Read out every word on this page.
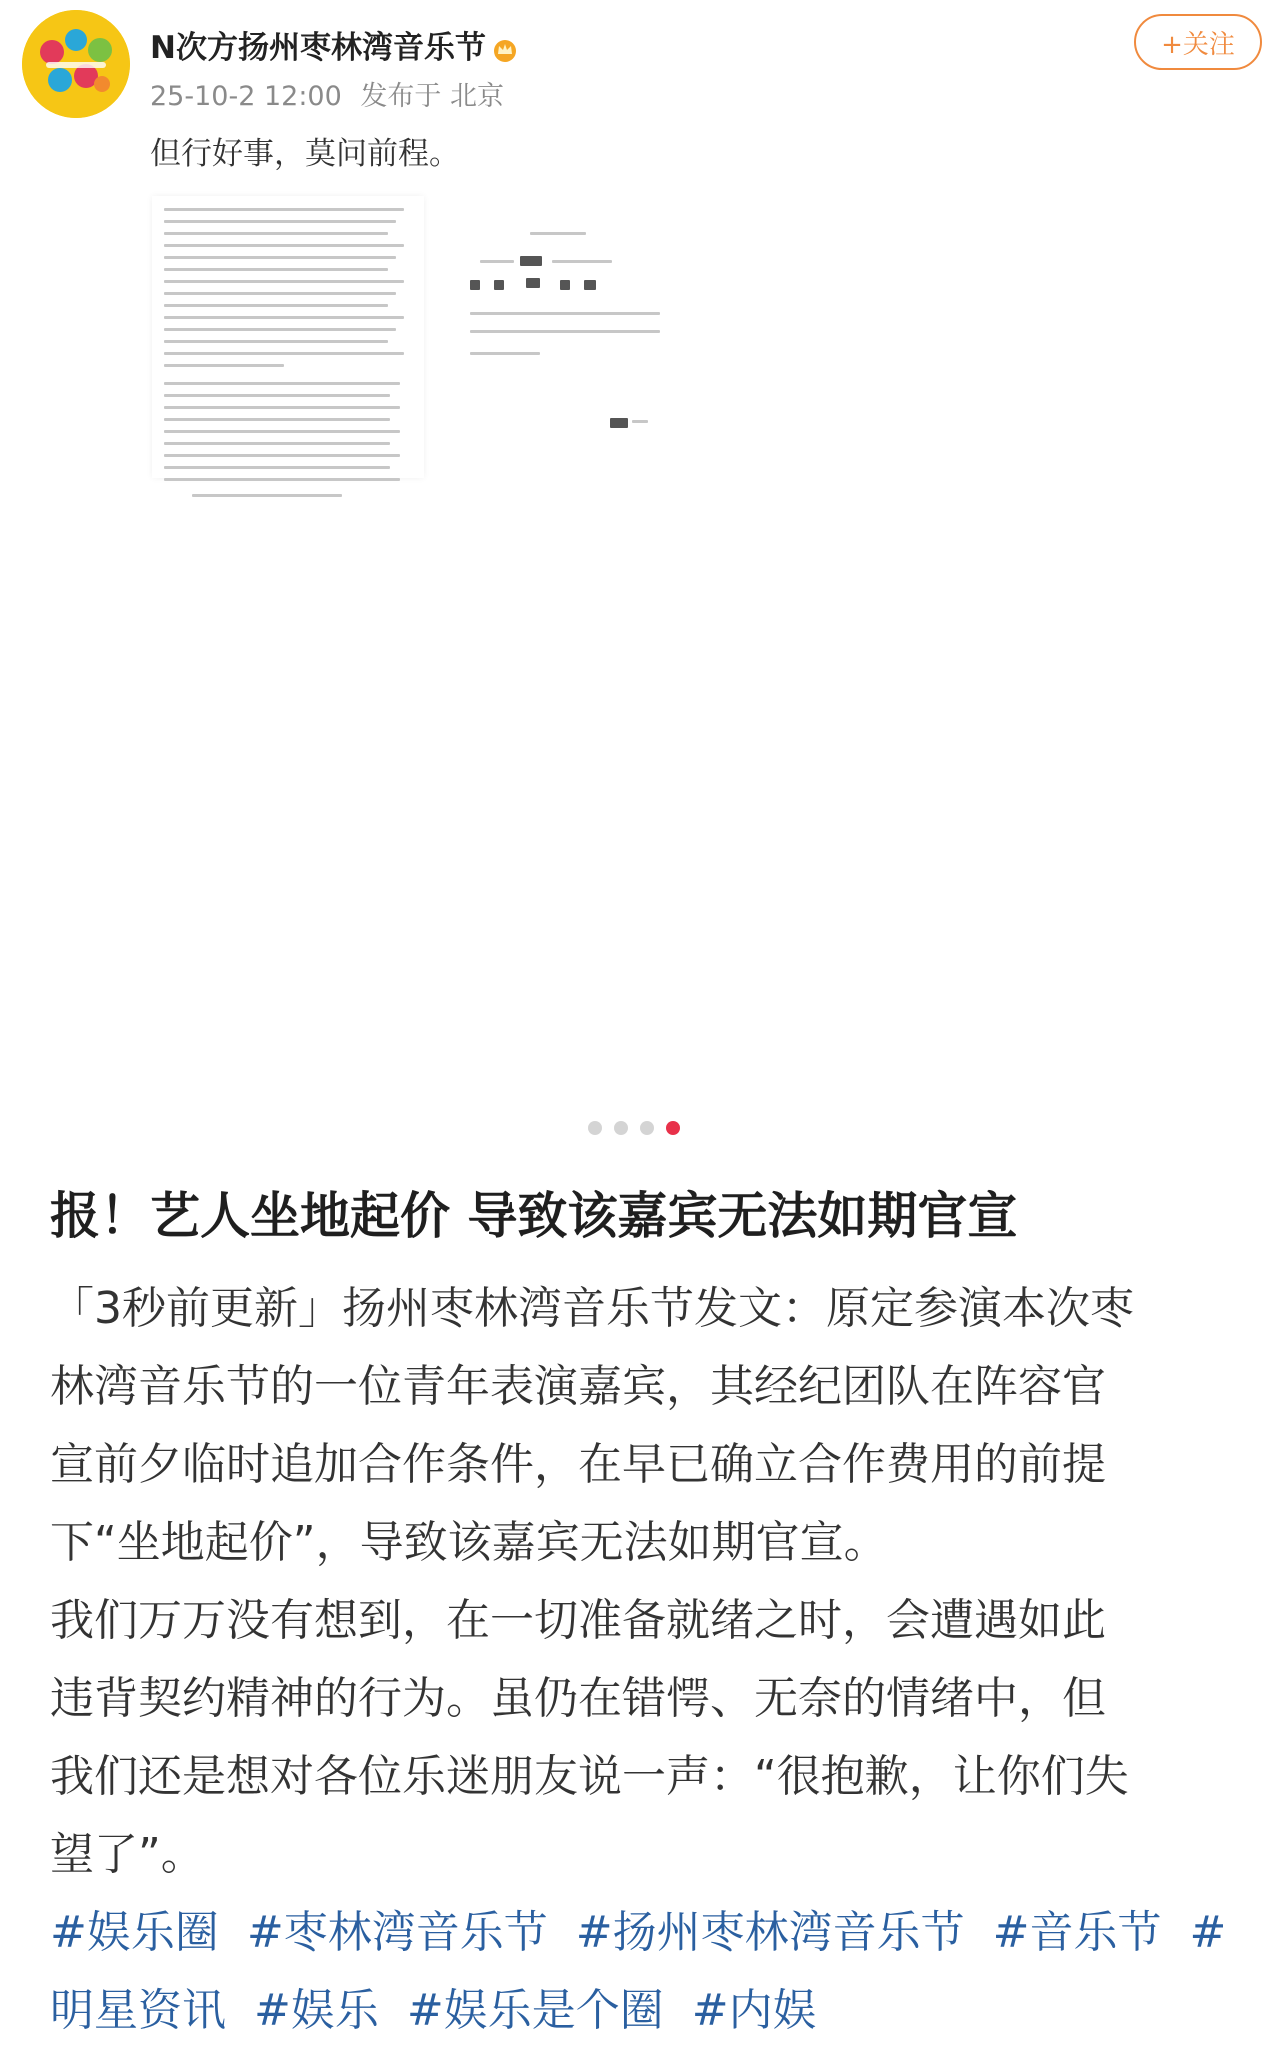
N次方扬州枣林湾音乐节
25-10-2 12:00 发布于 北京
+关注
但行好事，莫问前程。
报！艺人坐地起价 导致该嘉宾无法如期官宣

「3秒前更新」扬州枣林湾音乐节发文：原定参演本次枣

林湾音乐节的一位青年表演嘉宾，其经纪团队在阵容官

宣前夕临时追加合作条件，在早已确立合作费用的前提

下“坐地起价”，导致该嘉宾无法如期官宣。

我们万万没有想到，在一切准备就绪之时，会遭遇如此

违背契约精神的行为。虽仍在错愕、无奈的情绪中，但

我们还是想对各位乐迷朋友说一声：“很抱歉，让你们失

望了”。

#娱乐圈 #枣林湾音乐节 #扬州枣林湾音乐节 #音乐节 #明星资讯 #娱乐 #娱乐是个圈 #内娱
